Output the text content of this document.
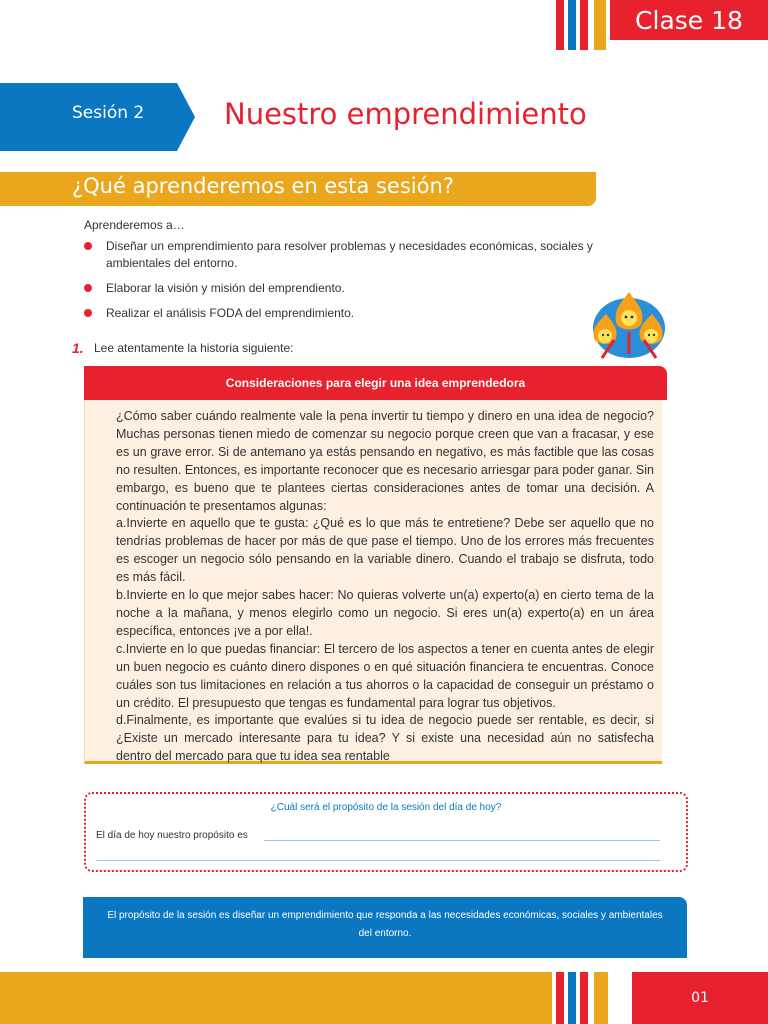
Clase 18
Sesión 2	Nuestro emprendimiento
¿Qué aprenderemos en esta sesión?
Aprenderemos a…
Diseñar un emprendimiento para resolver problemas y necesidades económicas, sociales y ambientales del entorno.
Elaborar la visión y misión del emprendiento.
Realizar el análisis FODA del emprendimiento.
1. Lee atentamente la historia siguiente:
Consideraciones para elegir una idea emprendedora

¿Cómo saber cuándo realmente vale la pena invertir tu tiempo y dinero en una idea de negocio? Muchas personas tienen miedo de comenzar su negocio porque creen que van a fracasar, y ese es un grave error. Si de antemano ya estás pensando en negativo, es más factible que las cosas no resulten. Entonces, es importante reconocer que es necesario arriesgar para poder ganar. Sin embargo, es bueno que te plantees ciertas consideraciones antes de tomar una decisión. A continuación te presentamos algunas:

a.Invierte en aquello que te gusta: ¿Qué es lo que más te entretiene? Debe ser aquello que no tendrías problemas de hacer por más de que pase el tiempo. Uno de los errores más frecuentes es escoger un negocio sólo pensando en la variable dinero. Cuando el trabajo se disfruta, todo es más fácil.

b.Invierte en lo que mejor sabes hacer: No quieras volverte un(a) experto(a) en cierto tema de la noche a la mañana, y menos elegirlo como un negocio. Si eres un(a) experto(a) en un área específica, entonces ¡ve a por ella!.

c.Invierte en lo que puedas financiar: El tercero de los aspectos a tener en cuenta antes de elegir un buen negocio es cuánto dinero dispones o en qué situación financiera te encuentras. Conoce cuáles son tus limitaciones en relación a tus ahorros o la capacidad de conseguir un préstamo o un crédito. El presupuesto que tengas es fundamental para lograr tus objetivos.

d.Finalmente, es importante que evalúes si tu idea de negocio puede ser rentable, es decir, si ¿Existe un mercado interesante para tu idea? Y si existe una necesidad aún no satisfecha dentro del mercado para que tu idea sea rentable

¿Cuál será el propósito de la sesión del día de hoy?
El día de hoy nuestro propósito es
El propósito de la sesión es diseñar un emprendimiento que responda a las necesidades económicas, sociales y ambientales del entorno.
01
